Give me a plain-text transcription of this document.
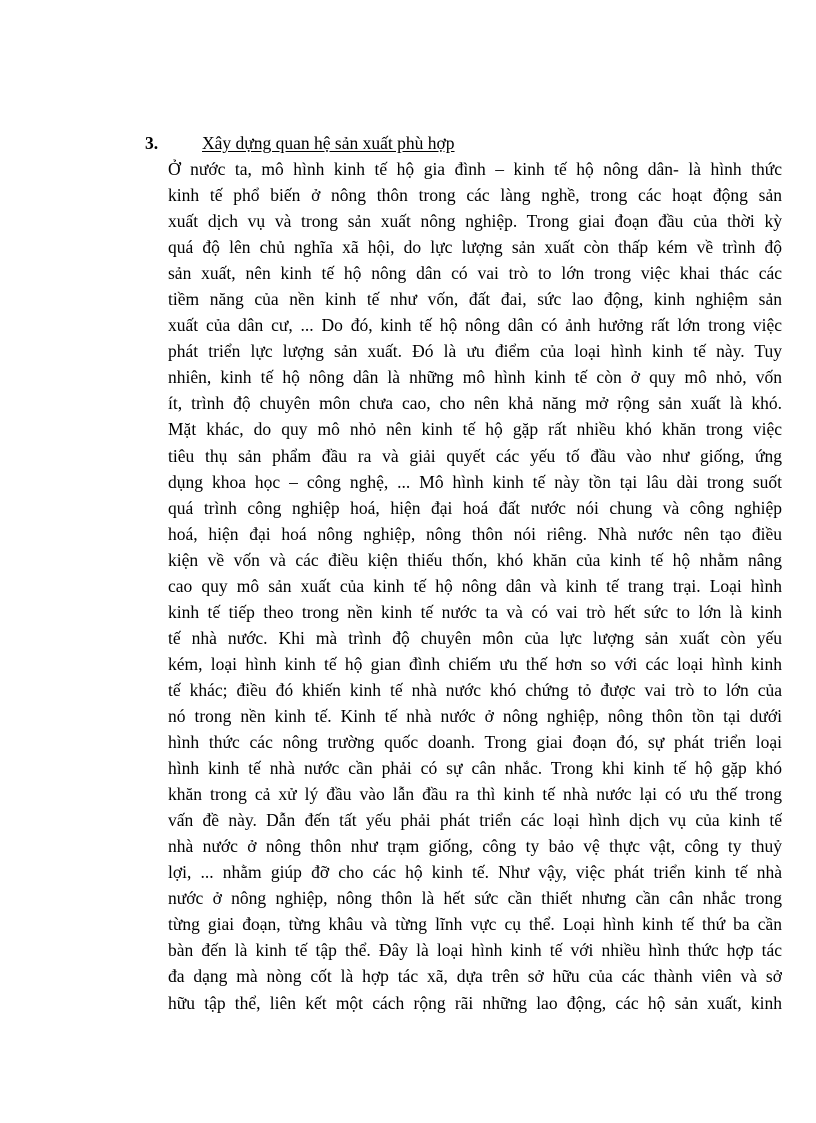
3.	Xây dựng quan hệ sản xuất phù hợp
Ở nước ta, mô hình kinh tế hộ gia đình – kinh tế hộ nông dân- là hình thức
kinh tế phổ biến ở nông thôn trong các làng nghề, trong các hoạt động sản
xuất dịch vụ và trong sản xuất nông nghiệp. Trong giai đoạn đầu của thời kỳ
quá độ lên chủ nghĩa xã hội, do lực lượng sản xuất còn thấp kém về trình độ
sản xuất, nên kinh tế hộ nông dân có vai trò to lớn trong việc khai thác các
tiềm năng của nền kinh tế như vốn, đất đai, sức lao động, kinh nghiệm sản
xuất của dân cư, ... Do đó, kinh tế hộ nông dân có ảnh hưởng rất lớn trong việc
phát triển lực lượng sản xuất. Đó là ưu điểm của loại hình kinh tế này. Tuy
nhiên, kinh tế hộ nông dân là những mô hình kinh tế còn ở quy mô nhỏ, vốn
ít, trình độ chuyên môn chưa cao, cho nên khả năng mở rộng sản xuất là khó.
Mặt khác, do quy mô nhỏ nên kinh tế hộ gặp rất nhiều khó khăn trong việc
tiêu thụ sản phẩm đầu ra và giải quyết các yếu tố đầu vào như giống, ứng
dụng khoa học – công nghệ, ... Mô hình kinh tế này tồn tại lâu dài trong suốt
quá trình công nghiệp hoá, hiện đại hoá đất nước nói chung và công nghiệp
hoá, hiện đại hoá nông nghiệp, nông thôn nói riêng. Nhà nước nên tạo điều
kiện về vốn và các điều kiện thiếu thốn, khó khăn của kinh tế hộ nhằm nâng
cao quy mô sản xuất của kinh tế hộ nông dân và kinh tế trang trại. Loại hình
kinh tế tiếp theo trong nền kinh tế nước ta và có vai trò hết sức to lớn là kinh
tế nhà nước. Khi mà trình độ chuyên môn của lực lượng sản xuất còn yếu
kém, loại hình kinh tế hộ gian đình chiếm ưu thế hơn so với các loại hình kinh
tế khác; điều đó khiến kinh tế nhà nước khó chứng tỏ được vai trò to lớn của
nó trong nền kinh tế. Kinh tế nhà nước ở nông nghiệp, nông thôn tồn tại dưới
hình thức các nông trường quốc doanh. Trong giai đoạn đó, sự phát triển loại
hình kinh tế nhà nước cần phải có sự cân nhắc. Trong khi kinh tế hộ gặp khó
khăn trong cả xử lý đầu vào lẫn đầu ra thì kinh tế nhà nước lại có ưu thế trong
vấn đề này. Dẫn đến tất yếu phải phát triển các loại hình dịch vụ của kinh tế
nhà nước ở nông thôn như trạm giống, công ty bảo vệ thực vật, công ty thuỷ
lợi, ... nhằm giúp đỡ cho các hộ kinh tế. Như vậy, việc phát triển kinh tế nhà
nước ở nông nghiệp, nông thôn là hết sức cần thiết nhưng cần cân nhắc trong
từng giai đoạn, từng khâu và từng lĩnh vực cụ thể. Loại hình kinh tế thứ ba cần
bàn đến là kinh tế tập thể. Đây là loại hình kinh tế với nhiều hình thức hợp tác
đa dạng mà nòng cốt là hợp tác xã, dựa trên sở hữu của các thành viên và sở
hữu tập thể, liên kết một cách rộng rãi những lao động, các hộ sản xuất, kinh
